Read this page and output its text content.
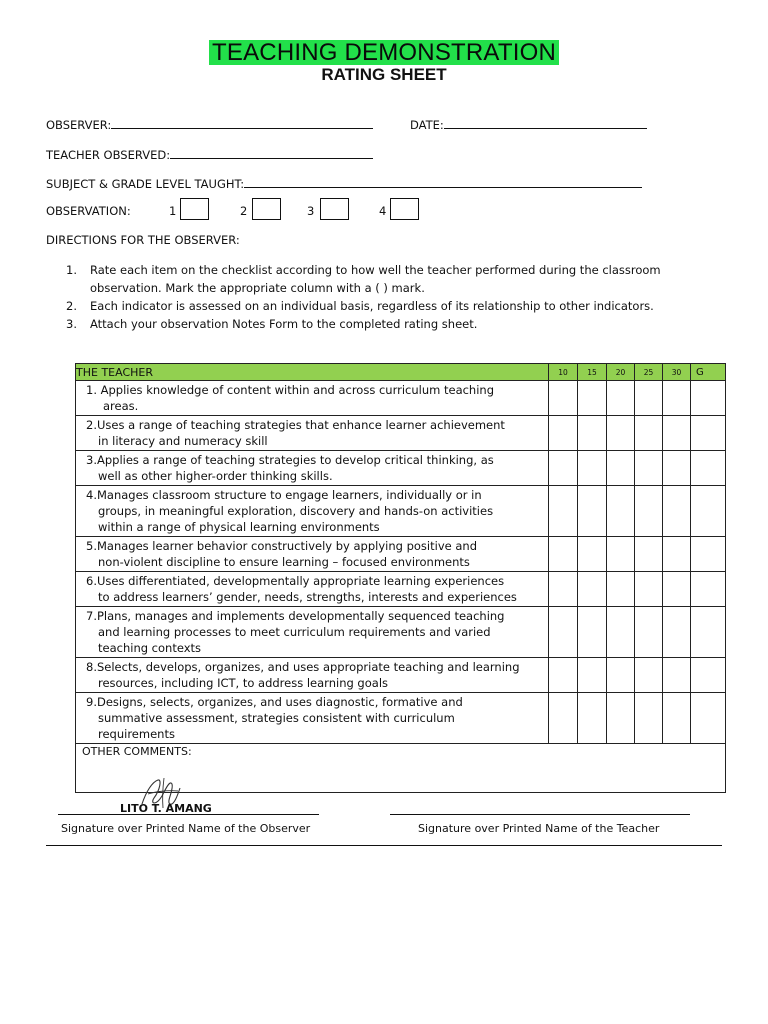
TEACHING DEMONSTRATION
RATING SHEET
OBSERVER:	DATE:
TEACHER OBSERVED:
SUBJECT & GRADE LEVEL TAUGHT:
OBSERVATION:	1	2	3	4
DIRECTIONS FOR THE OBSERVER:
1.	Rate each item on the checklist according to how well the teacher performed during the classroom observation. Mark the appropriate column with a ( ) mark.
2.	Each indicator is assessed on an individual basis, regardless of its relationship to other indicators.
3.	Attach your observation Notes Form to the completed rating sheet.
THE TEACHER	10	15	20	25	30	G

1. Applies knowledge of content within and across curriculum teaching
areas.						

2.Uses a range of teaching strategies that enhance learner achievement
in literacy and numeracy skill						

3.Applies a range of teaching strategies to develop critical thinking, as
well as other higher-order thinking skills.						

4.Manages classroom structure to engage learners, individually or in
groups, in meaningful exploration, discovery and hands-on activities
within a range of physical learning environments						

5.Manages learner behavior constructively by applying positive and
non-violent discipline to ensure learning – focused environments						

6.Uses differentiated, developmentally appropriate learning experiences
to address learners’ gender, needs, strengths, interests and experiences						

7.Plans, manages and implements developmentally sequenced teaching
and learning processes to meet curriculum requirements and varied
teaching contexts						

8.Selects, develops, organizes, and uses appropriate teaching and learning
resources, including ICT, to address learning goals						

9.Designs, selects, organizes, and uses diagnostic, formative and
summative assessment, strategies consistent with curriculum
requirements						

OTHER COMMENTS:						
LITO T. AMANG
Signature over Printed Name of the Observer	Signature over Printed Name of the Teacher
